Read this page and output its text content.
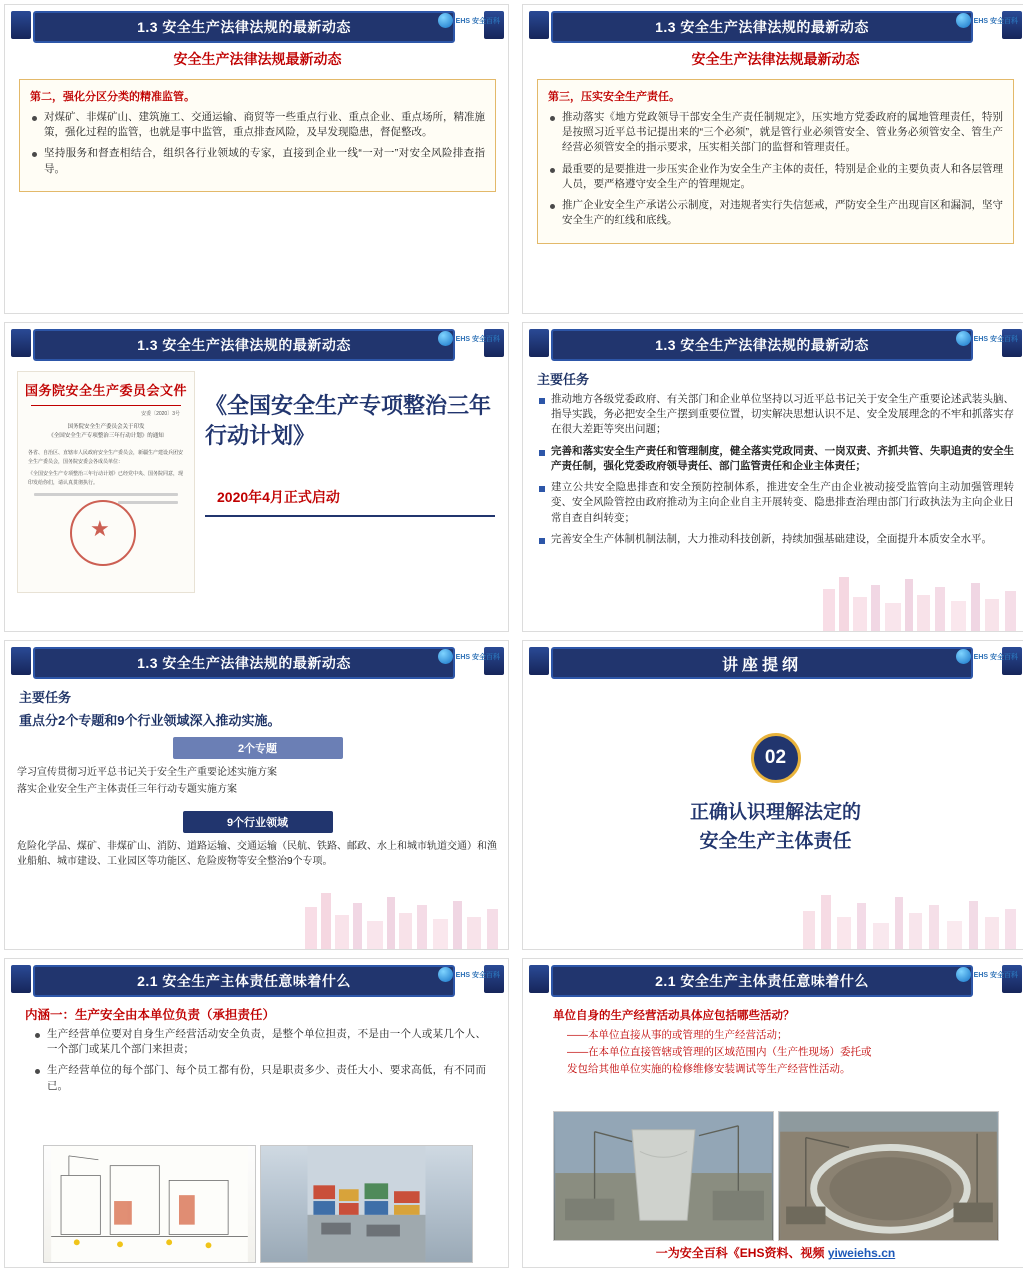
1.3 安全生产法律法规的最新动态	EHS 安全百科
安全生产法律法规最新动态

第二，强化分区分类的精准监管。

对煤矿、非煤矿山、建筑施工、交通运输、商贸等一些重点行业、重点企业、重点场所，精准施策，强化过程的监管，也就是事中监管，重点排查风险，及早发现隐患，督促整改。
坚持服务和督查相结合，组织各行业领域的专家，直接到企业一线“一对一”对安全风险排查指导。
1.3 安全生产法律法规的最新动态	EHS 安全百科
安全生产法律法规最新动态

第三，压实安全生产责任。

推动落实《地方党政领导干部安全生产责任制规定》，压实地方党委政府的属地管理责任，特别是按照习近平总书记提出来的“三个必须”，就是管行业必须管安全、管业务必须管安全、管生产经营必须管安全的指示要求，压实相关部门的监督和管理责任。
最重要的是要推进一步压实企业作为安全生产主体的责任，特别是企业的主要负责人和各层管理人员，要严格遵守安全生产的管理规定。
推广企业安全生产承诺公示制度，对违规者实行失信惩戒，严防安全生产出现盲区和漏洞，坚守安全生产的红线和底线。
1.3 安全生产法律法规的最新动态	EHS 安全百科
国务院安全生产委员会文件
安委〔2020〕3号
国务院安全生产委员会关于印发
《全国安全生产专项整治三年行动计划》的通知
各省、自治区、直辖市人民政府安全生产委员会，新疆生产建设兵团安全生产委员会，国务院安委会各成员单位：
《全国安全生产专项整治三年行动计划》已经党中央、国务院同意，现印发给你们，请认真贯彻执行。
★
《全国安全生产专项整治三年行动计划》
2020年4月正式启动
1.3 安全生产法律法规的最新动态	EHS 安全百科
主要任务
推动地方各级党委政府、有关部门和企业单位坚持以习近平总书记关于安全生产重要论述武装头脑、指导实践，务必把安全生产摆到重要位置，切实解决思想认识不足、安全发展理念的不牢和抓落实存在很大差距等突出问题；
完善和落实安全生产责任和管理制度，健全落实党政同责、一岗双责、齐抓共管、失职追责的安全生产责任制，强化党委政府领导责任、部门监管责任和企业主体责任；
建立公共安全隐患排查和安全预防控制体系，推进安全生产由企业被动接受监管向主动加强管理转变、安全风险管控由政府推动为主向企业自主开展转变、隐患排查治理由部门行政执法为主向企业日常自查自纠转变；
完善安全生产体制机制法制，大力推动科技创新，持续加强基础建设，全面提升本质安全水平。
1.3 安全生产法律法规的最新动态	EHS 安全百科
主要任务
重点分2个专题和9个行业领域深入推动实施。
2个专题

学习宣传贯彻习近平总书记关于安全生产重要论述实施方案

落实企业安全生产主体责任三年行动专题实施方案

9个行业领域

危险化学品、煤矿、非煤矿山、消防、道路运输、交通运输（民航、铁路、邮政、水上和城市轨道交通）和渔业船舶、城市建设、工业园区等功能区、危险废物等安全整治9个专项。

讲座提纲	EHS 安全百科
02
正确认识理解法定的
安全生产主体责任
2.1 安全生产主体责任意味着什么	EHS 安全百科
内涵一：生产安全由本单位负责（承担责任）
生产经营单位要对自身生产经营活动安全负责，是整个单位担责，不是由一个人或某几个人、一个部门或某几个部门来担责；
生产经营单位的每个部门、每个员工都有份，只是职责多少、责任大小、要求高低，有不同而已。
2.1 安全生产主体责任意味着什么	EHS 安全百科
单位自身的生产经营活动具体应包括哪些活动？
——本单位直接从事的或管理的生产经营活动；
——在本单位直接管辖或管理的区域范围内（生产性现场）委托或
发包给其他单位实施的检修维修安装调试等生产经营性活动。
一为安全百科《EHS资料、视频 yiweiehs.cn
